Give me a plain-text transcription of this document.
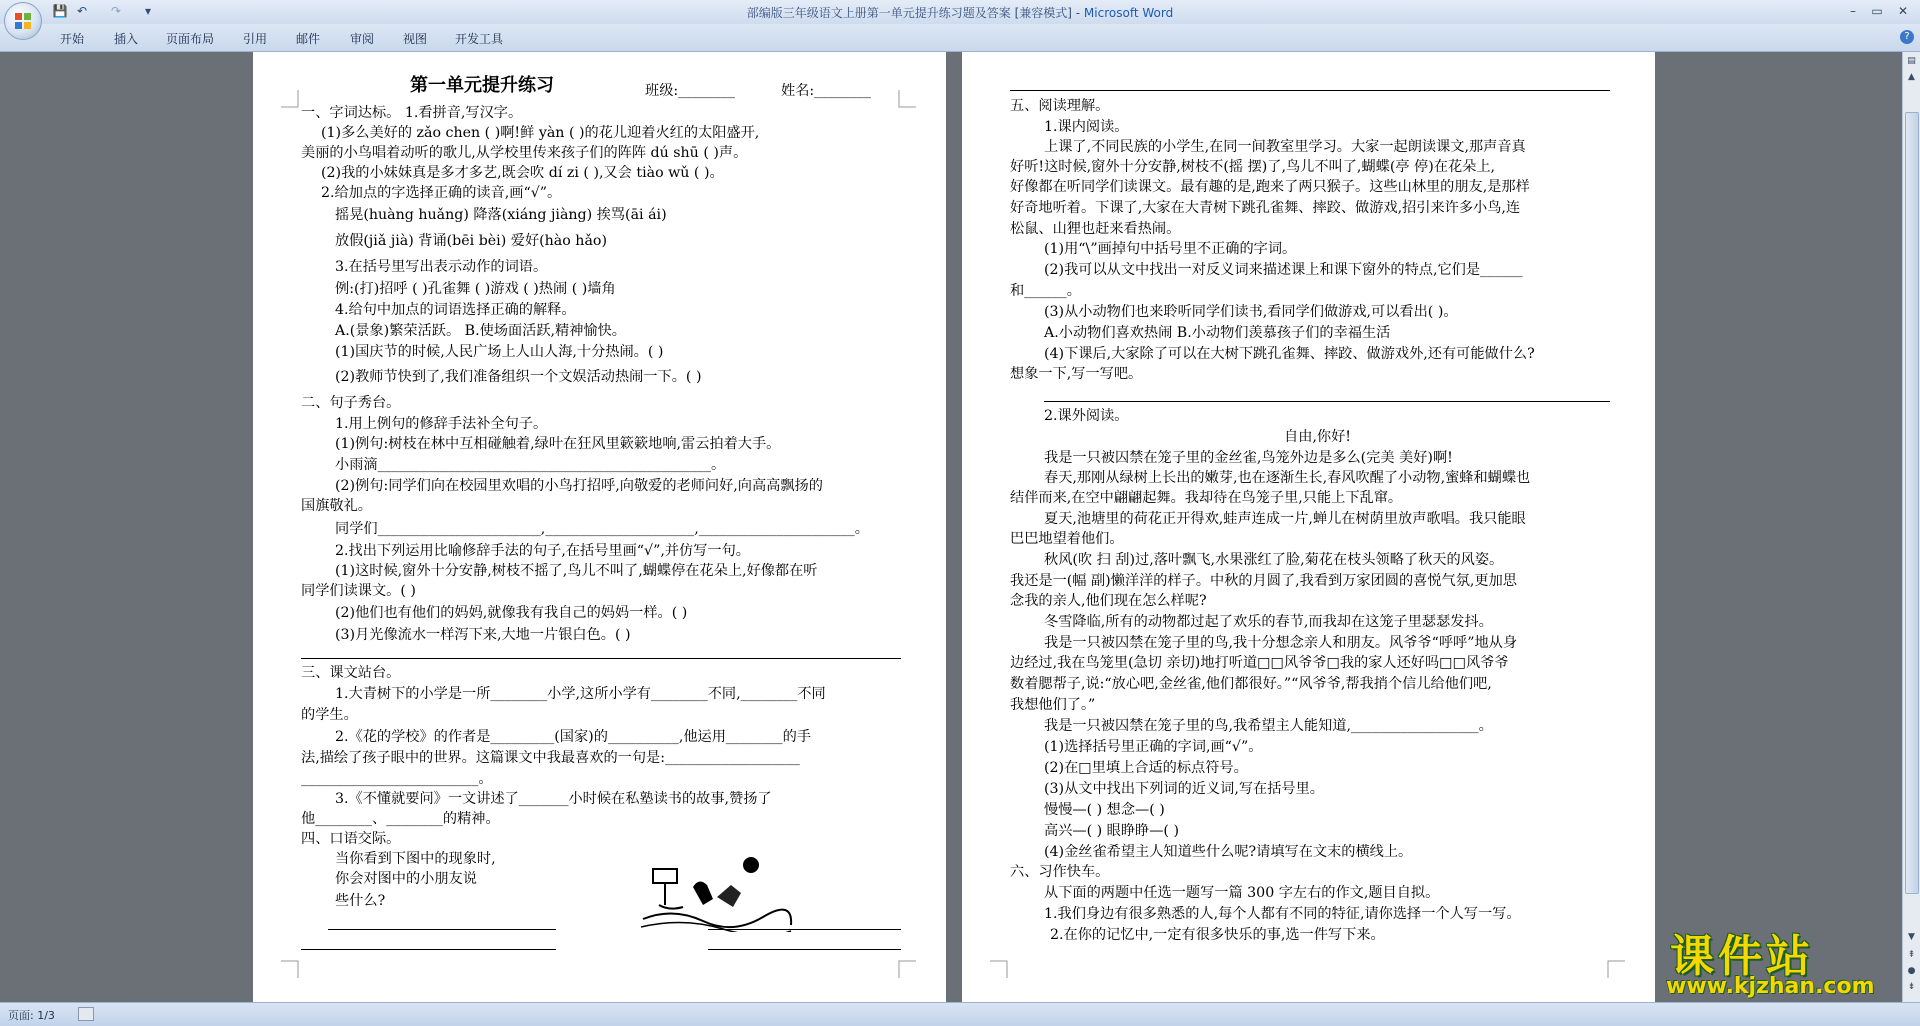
💾 ↶ ↷	▾	部编版三年级语文上册第一单元提升练习题及答案 [兼容模式] - Microsoft Word	–	▭	✕
开始 插入 页面布局 引用 邮件 审阅 视图 开发工具	?
第一单元提升练习	班级:________	姓名:________
一、字词达标。 1.看拼音,写汉字。
(1)多么美好的 zǎo chen ( )啊!鲜 yàn ( )的花儿迎着火红的太阳盛开,
美丽的小鸟唱着动听的歌儿,从学校里传来孩子们的阵阵 dú shū ( )声。
(2)我的小妹妹真是多才多艺,既会吹 dí zi ( ),又会 tiào wǔ ( )。
2.给加点的字选择正确的读音,画“√”。
摇晃(huàng huǎng) 降落(xiáng jiàng) 挨骂(āi ái)
放假(jiǎ jià) 背诵(bēi bèi) 爱好(hào hǎo)
3.在括号里写出表示动作的词语。
例:(打)招呼 ( )孔雀舞 ( )游戏 ( )热闹 ( )墙角
4.给句中加点的词语选择正确的解释。
A.(景象)繁荣活跃。 B.使场面活跃,精神愉快。
(1)国庆节的时候,人民广场上人山人海,十分热闹。( )
(2)教师节快到了,我们准备组织一个文娱活动热闹一下。( )
二、句子秀台。
1.用上例句的修辞手法补全句子。
(1)例句:树枝在林中互相碰触着,绿叶在狂风里簌簌地响,雷云拍着大手。
小雨滴_______________________________________________。
(2)例句:同学们向在校园里欢唱的小鸟打招呼,向敬爱的老师问好,向高高飘扬的
国旗敬礼。
同学们_______________________,_____________________,______________________。
2.找出下列运用比喻修辞手法的句子,在括号里画“√”,并仿写一句。
(1)这时候,窗外十分安静,树枝不摇了,鸟儿不叫了,蝴蝶停在花朵上,好像都在听
同学们读课文。( )
(2)他们也有他们的妈妈,就像我有我自己的妈妈一样。( )
(3)月光像流水一样泻下来,大地一片银白色。( )
三、课文站台。
1.大青树下的小学是一所________小学,这所小学有________不同,________不同
的学生。
2.《花的学校》的作者是_________(国家)的__________,他运用________的手
法,描绘了孩子眼中的世界。这篇课文中我最喜欢的一句是:___________________
_________________________。
3.《不懂就要问》一文讲述了_______小时候在私塾读书的故事,赞扬了
他________、________的精神。
四、口语交际。
当你看到下图中的现象时,
你会对图中的小朋友说
些什么?
五、阅读理解。
1.课内阅读。
上课了,不同民族的小学生,在同一间教室里学习。大家一起朗读课文,那声音真
好听!这时候,窗外十分安静,树枝不(摇 摆)了,鸟儿不叫了,蝴蝶(亭 停)在花朵上,
好像都在听同学们读课文。最有趣的是,跑来了两只猴子。这些山林里的朋友,是那样
好奇地听着。下课了,大家在大青树下跳孔雀舞、摔跤、做游戏,招引来许多小鸟,连
松鼠、山狸也赶来看热闹。
(1)用“\”画掉句中括号里不正确的字词。
(2)我可以从文中找出一对反义词来描述课上和课下窗外的特点,它们是______
和______。
(3)从小动物们也来聆听同学们读书,看同学们做游戏,可以看出( )。
A.小动物们喜欢热闹 B.小动物们羡慕孩子们的幸福生活
(4)下课后,大家除了可以在大树下跳孔雀舞、摔跤、做游戏外,还有可能做什么?
想象一下,写一写吧。
2.课外阅读。
自由,你好!
我是一只被囚禁在笼子里的金丝雀,鸟笼外边是多么(完美 美好)啊!
春天,那刚从绿树上长出的嫩芽,也在逐渐生长,春风吹醒了小动物,蜜蜂和蝴蝶也
结伴而来,在空中翩翩起舞。我却待在鸟笼子里,只能上下乱窜。
夏天,池塘里的荷花正开得欢,蛙声连成一片,蝉儿在树荫里放声歌唱。我只能眼
巴巴地望着他们。
秋风(吹 扫 刮)过,落叶飘飞,水果涨红了脸,菊花在枝头领略了秋天的风姿。
我还是一(幅 副)懒洋洋的样子。中秋的月圆了,我看到万家团圆的喜悦气氛,更加思
念我的亲人,他们现在怎么样呢?
冬雪降临,所有的动物都过起了欢乐的春节,而我却在这笼子里瑟瑟发抖。
我是一只被囚禁在笼子里的鸟,我十分想念亲人和朋友。风爷爷“呼呼”地从身
边经过,我在鸟笼里(急切 亲切)地打听道□□风爷爷□我的家人还好吗□□风爷爷
数着腮帮子,说:“放心吧,金丝雀,他们都很好。”“风爷爷,帮我捎个信儿给他们吧,
我想他们了。”
我是一只被囚禁在笼子里的鸟,我希望主人能知道,__________________。
(1)选择括号里正确的字词,画“√”。
(2)在□里填上合适的标点符号。
(3)从文中找出下列词的近义词,写在括号里。
慢慢—( ) 想念—( )
高兴—( ) 眼睁睁—( )
(4)金丝雀希望主人知道些什么呢?请填写在文末的横线上。
六、习作快车。
从下面的两题中任选一题写一篇 300 字左右的作文,题目自拟。
1.我们身边有很多熟悉的人,每个人都有不同的特征,请你选择一个人写一写。
2.在你的记忆中,一定有很多快乐的事,选一件写下来。
▤
▲
▼
⇞
●
⇟
页面: 1/3
课件站
www.kjzhan.com
